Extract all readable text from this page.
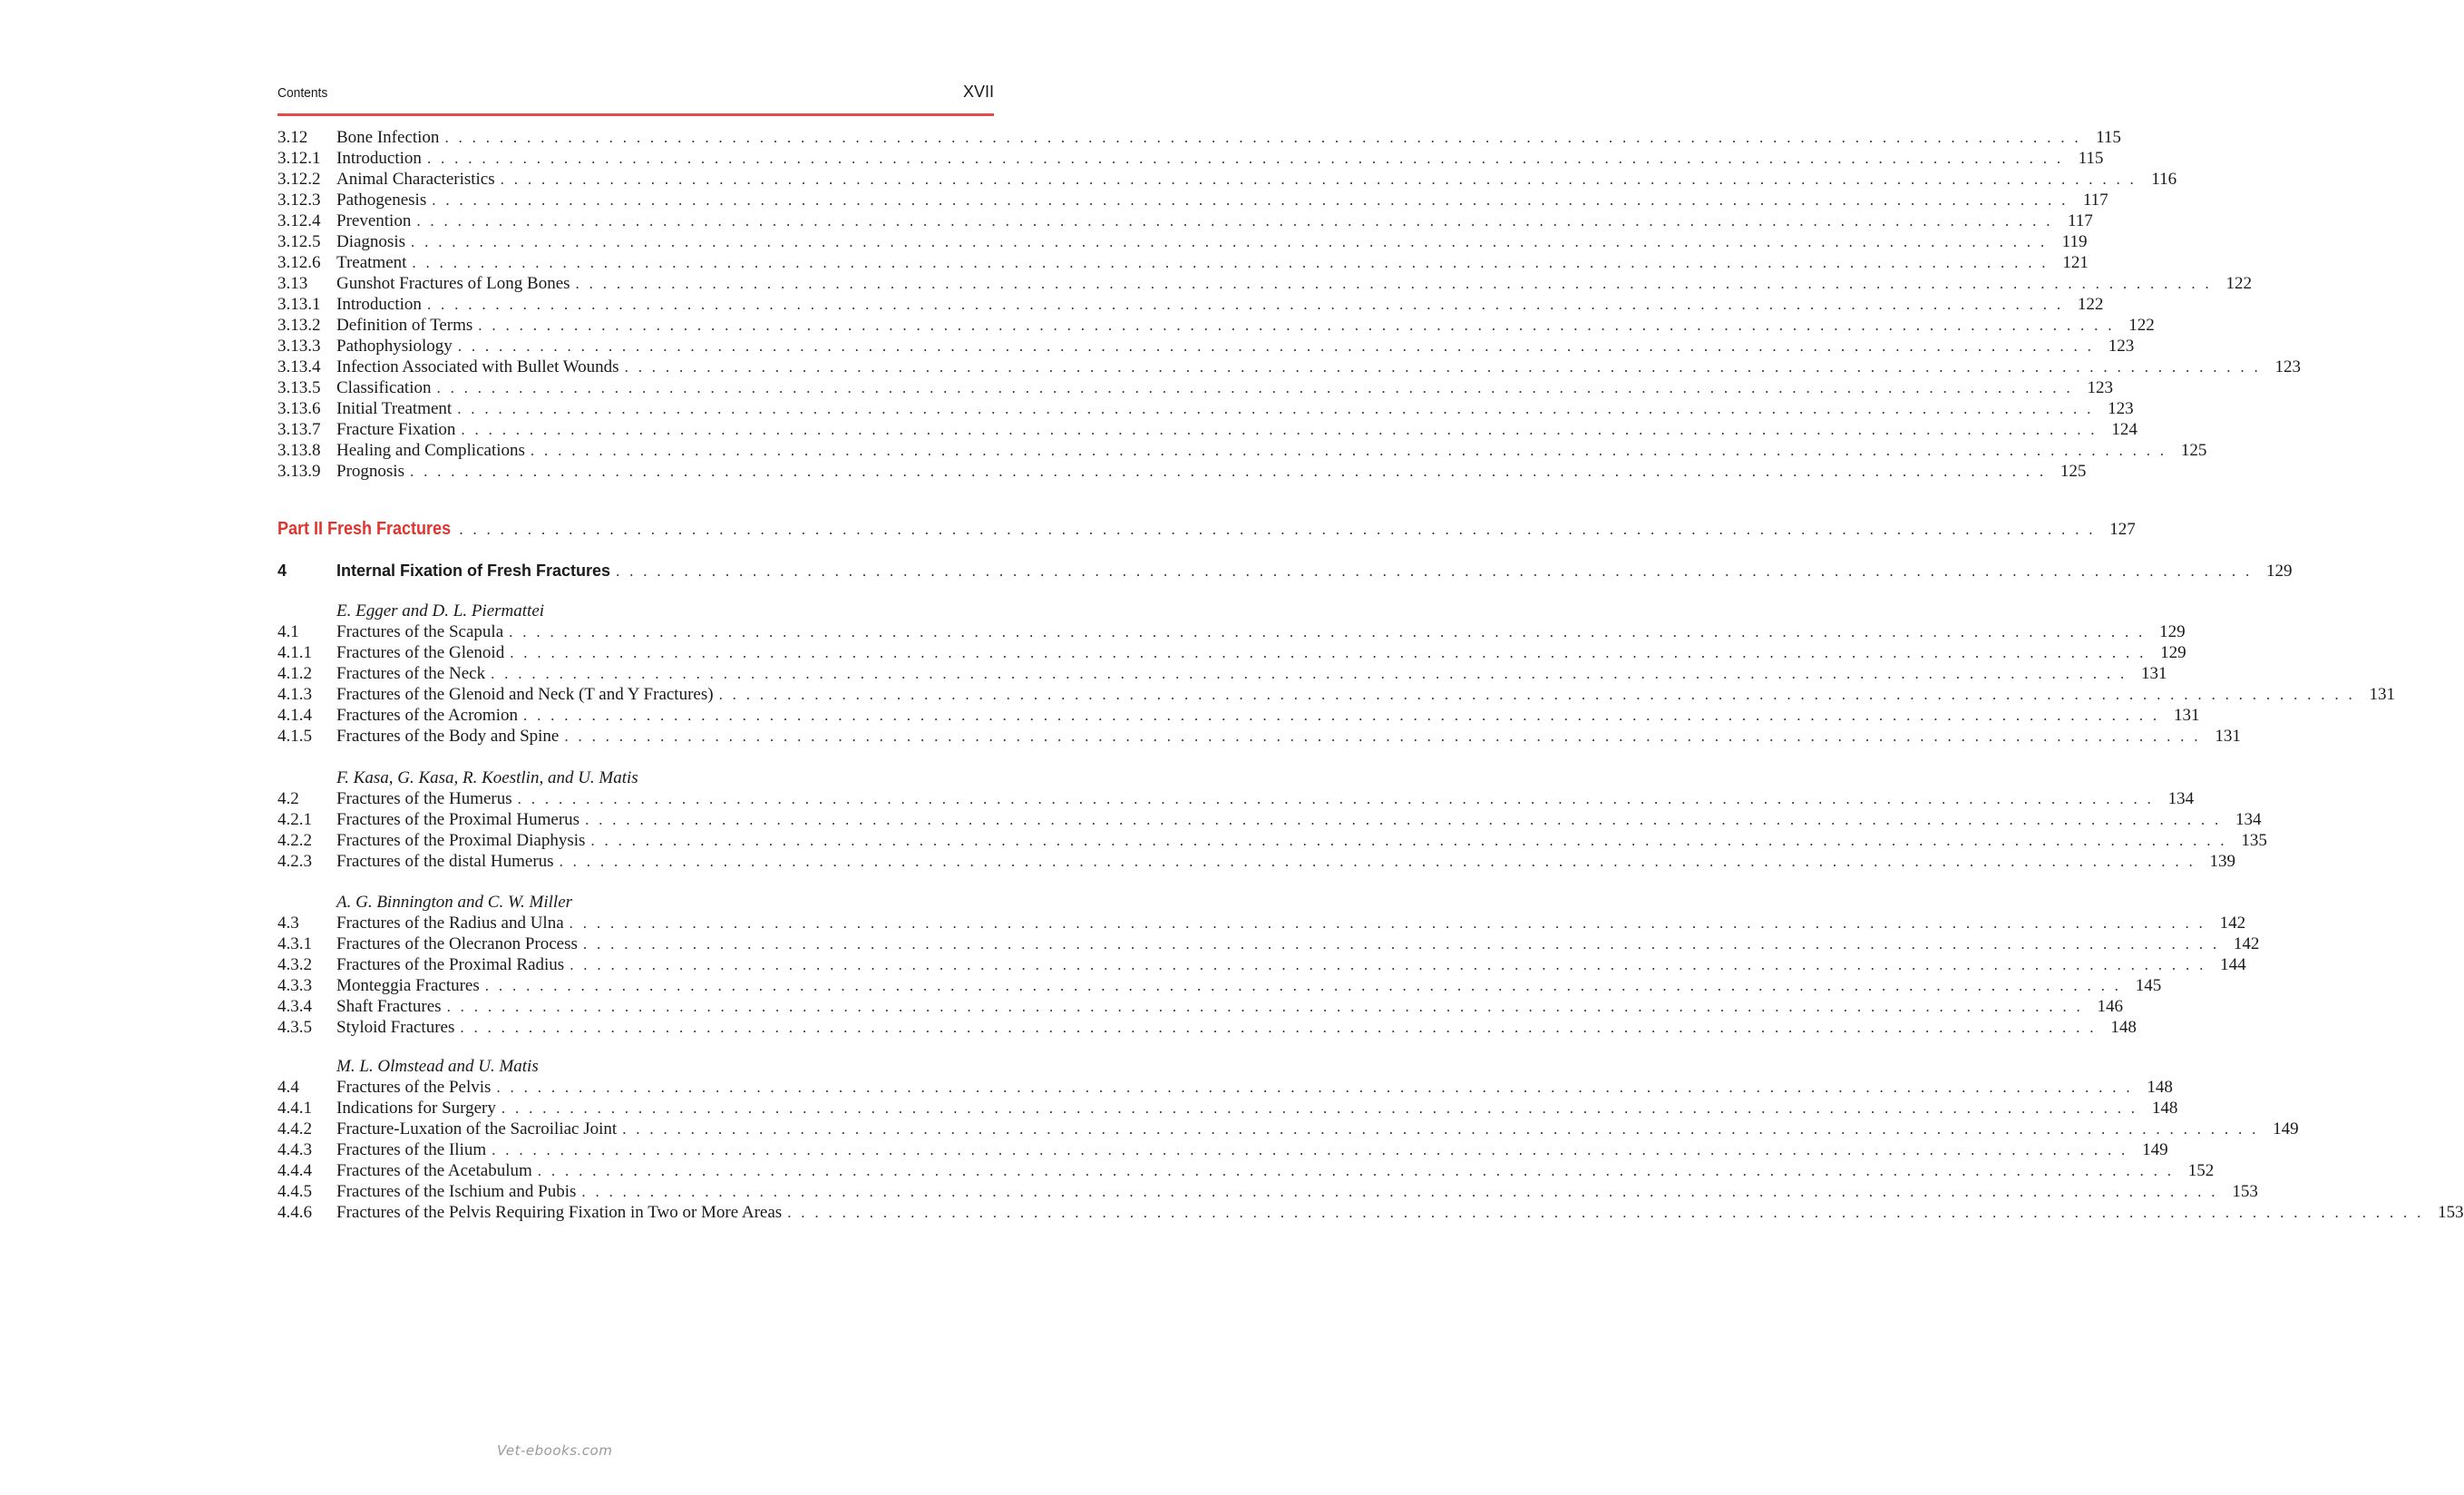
Contents	XVII
3.12 Bone Infection . . . . . . . . . . . . . . . . . . . . . . . . . . . . . . . . . . . . . . . . . . . . . . . . . . . . . . . . . . . . . . . . . . . . . . . . . . . . . . . . . . . . . . . . . . . . . . . . . . . . . . . . . . . . . . . . . . . . . . . . 115
3.12.1 Introduction . . . . . . . . . . . . . . . . . . . . . . . . . . . . . . . . . . . . . . . . . . . . . . . . . . . . . . . . . . . . . . . . . . . . . . . . . . . . . . . . . . . . . . . . . . . . . . . . . . . . . . . . . . . . . . . . . . . . . . . . 115
3.12.2 Animal Characteristics . . . . . . . . . . . . . . . . . . . . . . . . . . . . . . . . . . . . . . . . . . . . . . . . . . . . . . . . . . . . . . . . . . . . . . . . . . . . . . . . . . . . . . . . . . . . . . . . . . . . . . . . . . . . . . . . . . . . . . . . 116
3.12.3 Pathogenesis . . . . . . . . . . . . . . . . . . . . . . . . . . . . . . . . . . . . . . . . . . . . . . . . . . . . . . . . . . . . . . . . . . . . . . . . . . . . . . . . . . . . . . . . . . . . . . . . . . . . . . . . . . . . . . . . . . . . . . . . 117
3.12.4 Prevention . . . . . . . . . . . . . . . . . . . . . . . . . . . . . . . . . . . . . . . . . . . . . . . . . . . . . . . . . . . . . . . . . . . . . . . . . . . . . . . . . . . . . . . . . . . . . . . . . . . . . . . . . . . . . . . . . . . . . . . . 117
3.12.5 Diagnosis . . . . . . . . . . . . . . . . . . . . . . . . . . . . . . . . . . . . . . . . . . . . . . . . . . . . . . . . . . . . . . . . . . . . . . . . . . . . . . . . . . . . . . . . . . . . . . . . . . . . . . . . . . . . . . . . . . . . . . . . 119
3.12.6 Treatment . . . . . . . . . . . . . . . . . . . . . . . . . . . . . . . . . . . . . . . . . . . . . . . . . . . . . . . . . . . . . . . . . . . . . . . . . . . . . . . . . . . . . . . . . . . . . . . . . . . . . . . . . . . . . . . . . . . . . . . . 121
3.13 Gunshot Fractures of Long Bones . . . . . . . . . . . . . . . . . . . . . . . . . . . . . . . . . . . . . . . . . . . . . . . . . . . . . . . . . . . . . . . . . . . . . . . . . . . . . . . . . . . . . . . . . . . . . . . . . . . . . . . . . . . . . . . . . . . . . . . . 122
3.13.1 Introduction . . . . . . . . . . . . . . . . . . . . . . . . . . . . . . . . . . . . . . . . . . . . . . . . . . . . . . . . . . . . . . . . . . . . . . . . . . . . . . . . . . . . . . . . . . . . . . . . . . . . . . . . . . . . . . . . . . . . . . . . 122
3.13.2 Definition of Terms . . . . . . . . . . . . . . . . . . . . . . . . . . . . . . . . . . . . . . . . . . . . . . . . . . . . . . . . . . . . . . . . . . . . . . . . . . . . . . . . . . . . . . . . . . . . . . . . . . . . . . . . . . . . . . . . . . . . . . . . 122
3.13.3 Pathophysiology . . . . . . . . . . . . . . . . . . . . . . . . . . . . . . . . . . . . . . . . . . . . . . . . . . . . . . . . . . . . . . . . . . . . . . . . . . . . . . . . . . . . . . . . . . . . . . . . . . . . . . . . . . . . . . . . . . . . . . . . 123
3.13.4 Infection Associated with Bullet Wounds . . . . . . . . . . . . . . . . . . . . . . . . . . . . . . . . . . . . . . . . . . . . . . . . . . . . . . . . . . . . . . . . . . . . . . . . . . . . . . . . . . . . . . . . . . . . . . . . . . . . . . . . . . . . . . . . . . . . . . . . 123
3.13.5 Classification . . . . . . . . . . . . . . . . . . . . . . . . . . . . . . . . . . . . . . . . . . . . . . . . . . . . . . . . . . . . . . . . . . . . . . . . . . . . . . . . . . . . . . . . . . . . . . . . . . . . . . . . . . . . . . . . . . . . . . . . 123
3.13.6 Initial Treatment . . . . . . . . . . . . . . . . . . . . . . . . . . . . . . . . . . . . . . . . . . . . . . . . . . . . . . . . . . . . . . . . . . . . . . . . . . . . . . . . . . . . . . . . . . . . . . . . . . . . . . . . . . . . . . . . . . . . . . . . 123
3.13.7 Fracture Fixation . . . . . . . . . . . . . . . . . . . . . . . . . . . . . . . . . . . . . . . . . . . . . . . . . . . . . . . . . . . . . . . . . . . . . . . . . . . . . . . . . . . . . . . . . . . . . . . . . . . . . . . . . . . . . . . . . . . . . . . . 124
3.13.8 Healing and Complications . . . . . . . . . . . . . . . . . . . . . . . . . . . . . . . . . . . . . . . . . . . . . . . . . . . . . . . . . . . . . . . . . . . . . . . . . . . . . . . . . . . . . . . . . . . . . . . . . . . . . . . . . . . . . . . . . . . . . . . . 125
3.13.9 Prognosis . . . . . . . . . . . . . . . . . . . . . . . . . . . . . . . . . . . . . . . . . . . . . . . . . . . . . . . . . . . . . . . . . . . . . . . . . . . . . . . . . . . . . . . . . . . . . . . . . . . . . . . . . . . . . . . . . . . . . . . . 125
Part II Fresh Fractures . . . . . . . . . . . . . . . . . . . . . . . . . . . . . . . . . . . . . . . . . . . . . . . . . . . . . . . . . . . . . . . . . . . . . . . . . . . . . . . . . . . . . . . . . . . . . . . . . . . . . . . . . . . . . . . . . . . . . . . . 127
4	Internal Fixation of Fresh Fractures . . . . . . . . . . . . . . . . . . . . . . . . . . . . . . . . . . . . . . . . . . . . . . . . . . . . . . . . . . . . . . . . . . . . . . . . . . . . . . . . . . . . . . . . . . . . . . . . . . . . . . . . . . . . . . . . . . . . . . . . 129
E. Egger and D. L. Piermattei
4.1 Fractures of the Scapula . . . . . . . . . . . . . . . . . . . . . . . . . . . . . . . . . . . . . . . . . . . . . . . . . . . . . . . . . . . . . . . . . . . . . . . . . . . . . . . . . . . . . . . . . . . . . . . . . . . . . . . . . . . . . . . . . . . . . . . . 129
4.1.1 Fractures of the Glenoid . . . . . . . . . . . . . . . . . . . . . . . . . . . . . . . . . . . . . . . . . . . . . . . . . . . . . . . . . . . . . . . . . . . . . . . . . . . . . . . . . . . . . . . . . . . . . . . . . . . . . . . . . . . . . . . . . . . . . . . . 129
4.1.2 Fractures of the Neck . . . . . . . . . . . . . . . . . . . . . . . . . . . . . . . . . . . . . . . . . . . . . . . . . . . . . . . . . . . . . . . . . . . . . . . . . . . . . . . . . . . . . . . . . . . . . . . . . . . . . . . . . . . . . . . . . . . . . . . . 131
4.1.3 Fractures of the Glenoid and Neck (T and Y Fractures) . . . . . . . . . . . . . . . . . . . . . . . . . . . . . . . . . . . . . . . . . . . . . . . . . . . . . . . . . . . . . . . . . . . . . . . . . . . . . . . . . . . . . . . . . . . . . . . . . . . . . . . . . . . . . . . . . . . . . . . . 131
4.1.4 Fractures of the Acromion . . . . . . . . . . . . . . . . . . . . . . . . . . . . . . . . . . . . . . . . . . . . . . . . . . . . . . . . . . . . . . . . . . . . . . . . . . . . . . . . . . . . . . . . . . . . . . . . . . . . . . . . . . . . . . . . . . . . . . . . 131
4.1.5 Fractures of the Body and Spine . . . . . . . . . . . . . . . . . . . . . . . . . . . . . . . . . . . . . . . . . . . . . . . . . . . . . . . . . . . . . . . . . . . . . . . . . . . . . . . . . . . . . . . . . . . . . . . . . . . . . . . . . . . . . . . . . . . . . . . . 131
F. Kasa, G. Kasa, R. Koestlin, and U. Matis
4.2 Fractures of the Humerus . . . . . . . . . . . . . . . . . . . . . . . . . . . . . . . . . . . . . . . . . . . . . . . . . . . . . . . . . . . . . . . . . . . . . . . . . . . . . . . . . . . . . . . . . . . . . . . . . . . . . . . . . . . . . . . . . . . . . . . . 134
4.2.1 Fractures of the Proximal Humerus . . . . . . . . . . . . . . . . . . . . . . . . . . . . . . . . . . . . . . . . . . . . . . . . . . . . . . . . . . . . . . . . . . . . . . . . . . . . . . . . . . . . . . . . . . . . . . . . . . . . . . . . . . . . . . . . . . . . . . . . 134
4.2.2 Fractures of the Proximal Diaphysis . . . . . . . . . . . . . . . . . . . . . . . . . . . . . . . . . . . . . . . . . . . . . . . . . . . . . . . . . . . . . . . . . . . . . . . . . . . . . . . . . . . . . . . . . . . . . . . . . . . . . . . . . . . . . . . . . . . . . . . . 135
4.2.3 Fractures of the distal Humerus . . . . . . . . . . . . . . . . . . . . . . . . . . . . . . . . . . . . . . . . . . . . . . . . . . . . . . . . . . . . . . . . . . . . . . . . . . . . . . . . . . . . . . . . . . . . . . . . . . . . . . . . . . . . . . . . . . . . . . . . 139
A. G. Binnington and C. W. Miller
4.3 Fractures of the Radius and Ulna . . . . . . . . . . . . . . . . . . . . . . . . . . . . . . . . . . . . . . . . . . . . . . . . . . . . . . . . . . . . . . . . . . . . . . . . . . . . . . . . . . . . . . . . . . . . . . . . . . . . . . . . . . . . . . . . . . . . . . . . 142
4.3.1 Fractures of the Olecranon Process . . . . . . . . . . . . . . . . . . . . . . . . . . . . . . . . . . . . . . . . . . . . . . . . . . . . . . . . . . . . . . . . . . . . . . . . . . . . . . . . . . . . . . . . . . . . . . . . . . . . . . . . . . . . . . . . . . . . . . . . 142
4.3.2 Fractures of the Proximal Radius . . . . . . . . . . . . . . . . . . . . . . . . . . . . . . . . . . . . . . . . . . . . . . . . . . . . . . . . . . . . . . . . . . . . . . . . . . . . . . . . . . . . . . . . . . . . . . . . . . . . . . . . . . . . . . . . . . . . . . . . 144
4.3.3 Monteggia Fractures . . . . . . . . . . . . . . . . . . . . . . . . . . . . . . . . . . . . . . . . . . . . . . . . . . . . . . . . . . . . . . . . . . . . . . . . . . . . . . . . . . . . . . . . . . . . . . . . . . . . . . . . . . . . . . . . . . . . . . . . 145
4.3.4 Shaft Fractures . . . . . . . . . . . . . . . . . . . . . . . . . . . . . . . . . . . . . . . . . . . . . . . . . . . . . . . . . . . . . . . . . . . . . . . . . . . . . . . . . . . . . . . . . . . . . . . . . . . . . . . . . . . . . . . . . . . . . . . . 146
4.3.5 Styloid Fractures . . . . . . . . . . . . . . . . . . . . . . . . . . . . . . . . . . . . . . . . . . . . . . . . . . . . . . . . . . . . . . . . . . . . . . . . . . . . . . . . . . . . . . . . . . . . . . . . . . . . . . . . . . . . . . . . . . . . . . . . 148
M. L. Olmstead and U. Matis
4.4 Fractures of the Pelvis . . . . . . . . . . . . . . . . . . . . . . . . . . . . . . . . . . . . . . . . . . . . . . . . . . . . . . . . . . . . . . . . . . . . . . . . . . . . . . . . . . . . . . . . . . . . . . . . . . . . . . . . . . . . . . . . . . . . . . . . 148
4.4.1 Indications for Surgery . . . . . . . . . . . . . . . . . . . . . . . . . . . . . . . . . . . . . . . . . . . . . . . . . . . . . . . . . . . . . . . . . . . . . . . . . . . . . . . . . . . . . . . . . . . . . . . . . . . . . . . . . . . . . . . . . . . . . . . . 148
4.4.2 Fracture-Luxation of the Sacroiliac Joint . . . . . . . . . . . . . . . . . . . . . . . . . . . . . . . . . . . . . . . . . . . . . . . . . . . . . . . . . . . . . . . . . . . . . . . . . . . . . . . . . . . . . . . . . . . . . . . . . . . . . . . . . . . . . . . . . . . . . . . . 149
4.4.3 Fractures of the Ilium . . . . . . . . . . . . . . . . . . . . . . . . . . . . . . . . . . . . . . . . . . . . . . . . . . . . . . . . . . . . . . . . . . . . . . . . . . . . . . . . . . . . . . . . . . . . . . . . . . . . . . . . . . . . . . . . . . . . . . . . 149
4.4.4 Fractures of the Acetabulum . . . . . . . . . . . . . . . . . . . . . . . . . . . . . . . . . . . . . . . . . . . . . . . . . . . . . . . . . . . . . . . . . . . . . . . . . . . . . . . . . . . . . . . . . . . . . . . . . . . . . . . . . . . . . . . . . . . . . . . . 152
4.4.5 Fractures of the Ischium and Pubis . . . . . . . . . . . . . . . . . . . . . . . . . . . . . . . . . . . . . . . . . . . . . . . . . . . . . . . . . . . . . . . . . . . . . . . . . . . . . . . . . . . . . . . . . . . . . . . . . . . . . . . . . . . . . . . . . . . . . . . . 153
4.4.6 Fractures of the Pelvis Requiring Fixation in Two or More Areas . . . . . . . . . . . . . . . . . . . . . . . . . . . . . . . . . . . . . . . . . . . . . . . . . . . . . . . . . . . . . . . . . . . . . . . . . . . . . . . . . . . . . . . . . . . . . . . . . . . . . . . . . . . . . . . . . . . . . . . . 153
Vet-ebooks.com
